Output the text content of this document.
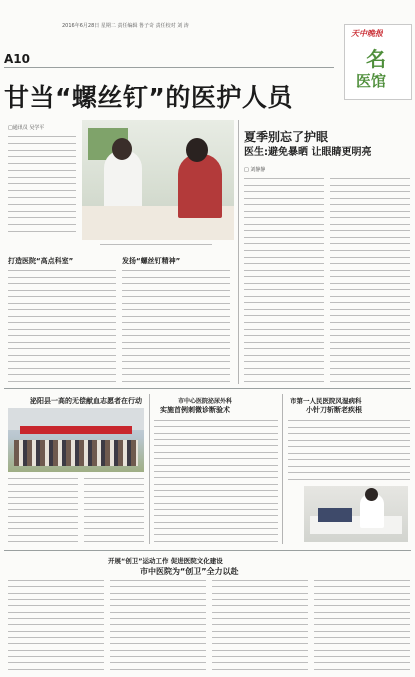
2016年6月28日 星期二 责任编辑 鲁子奇 责任校对 刘 涛
A10
天中晚报
名
医馆
甘当“螺丝钉”的医护人员
□通讯员 吴学平
打造医院“高点科室”	发扬“螺丝钉精神”
夏季别忘了护眼
医生:避免暴晒 让眼睛更明亮
□ 刘静静
泌阳县一高的无偿献血志愿者在行动	市中心医院泌尿外科
实施首例刺微诊断验术
市第一人民医院风湿病科
小针刀斩断老疾根
开展“创卫”运动工作 促进医院文化建设
市中医院为“创卫”全力以赴
